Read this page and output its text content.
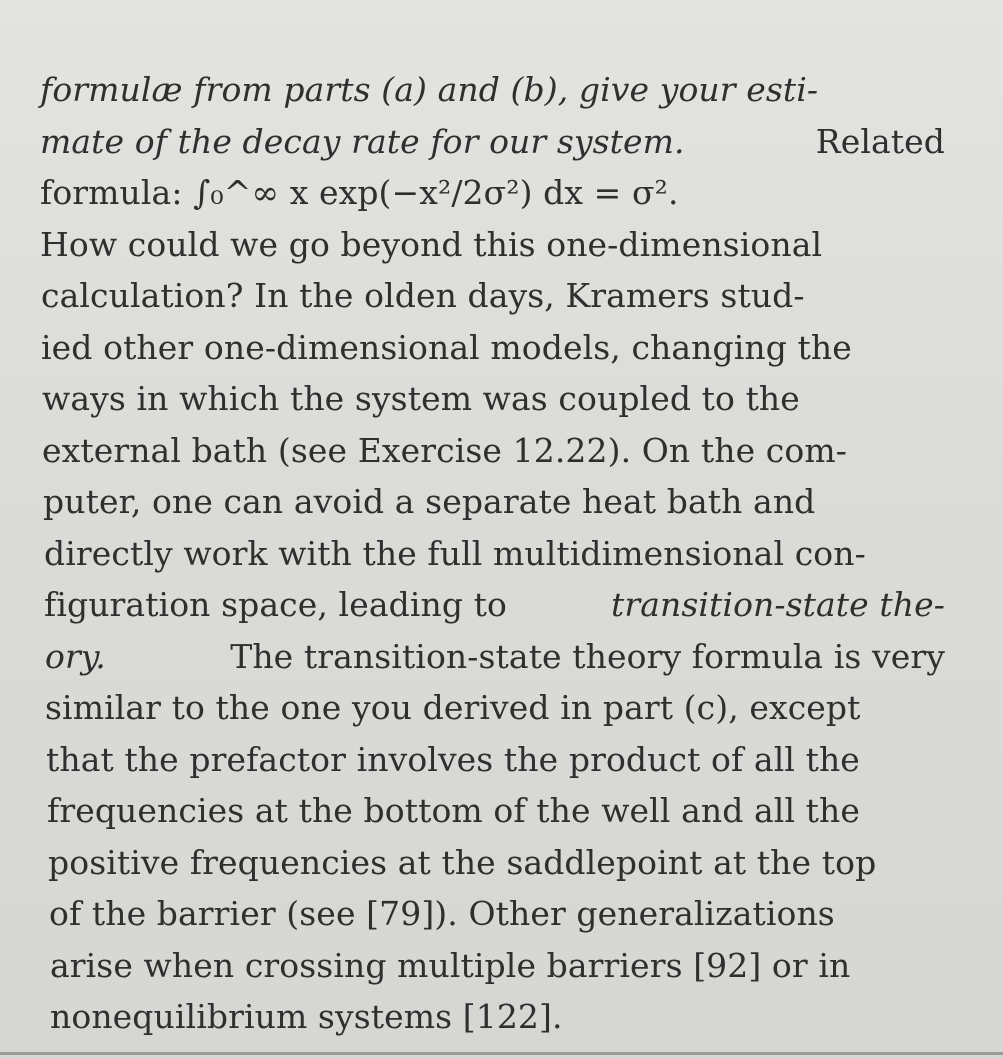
formulæ from parts (a) and (b), give your esti-
mate of the decay rate for our system.	Related
formula: ∫₀^∞ x exp(−x²/2σ²) dx = σ².
How could we go beyond this one-dimensional
calculation? In the olden days, Kramers stud-
ied other one-dimensional models, changing the
ways in which the system was coupled to the
external bath (see Exercise 12.22). On the com-
puter, one can avoid a separate heat bath and
directly work with the full multidimensional con-
figuration space, leading to	transition-state the-
ory.	The transition-state theory formula is very
similar to the one you derived in part (c), except
that the prefactor involves the product of all the
frequencies at the bottom of the well and all the
positive frequencies at the saddlepoint at the top
of the barrier (see [79]). Other generalizations
arise when crossing multiple barriers [92] or in
nonequilibrium systems [122].
